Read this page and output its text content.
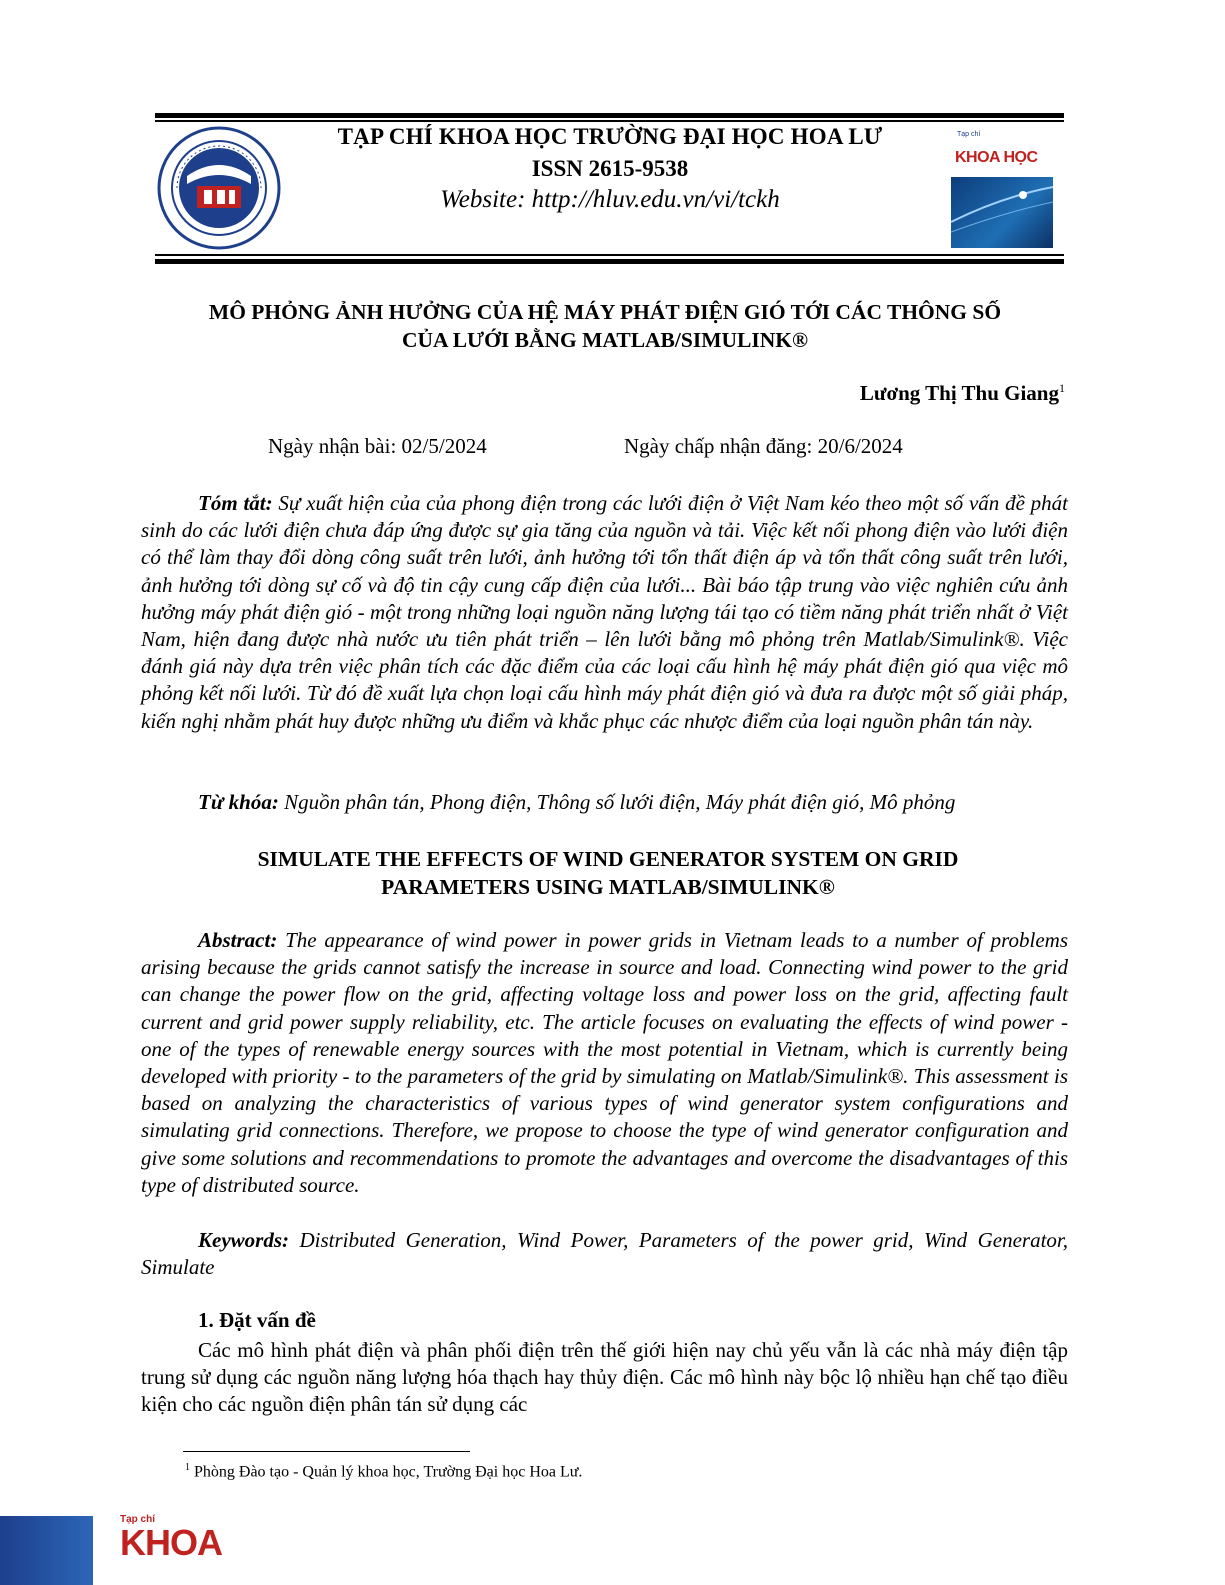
TẠP CHÍ KHOA HỌC TRƯỜNG ĐẠI HỌC HOA LƯ
ISSN 2615-9538
Website: http://hluv.edu.vn/vi/tckh
Tạp chí
KHOA HỌC
MÔ PHỎNG ẢNH HƯỞNG CỦA HỆ MÁY PHÁT ĐIỆN GIÓ TỚI CÁC THÔNG SỐ
CỦA LƯỚI BẰNG MATLAB/SIMULINK®
Lương Thị Thu Giang$^1$
Ngày nhận bài: 02/5/2024	Ngày chấp nhận đăng: 20/6/2024
Tóm tắt: Sự xuất hiện của của phong điện trong các lưới điện ở Việt Nam kéo theo một số vấn đề phát sinh do các lưới điện chưa đáp ứng được sự gia tăng của nguồn và tải. Việc kết nối phong điện vào lưới điện có thể làm thay đổi dòng công suất trên lưới, ảnh hưởng tới tổn thất điện áp và tổn thất công suất trên lưới, ảnh hưởng tới dòng sự cố và độ tin cậy cung cấp điện của lưới... Bài báo tập trung vào việc nghiên cứu ảnh hưởng máy phát điện gió - một trong những loại nguồn năng lượng tái tạo có tiềm năng phát triển nhất ở Việt Nam, hiện đang được nhà nước ưu tiên phát triển – lên lưới bằng mô phỏng trên Matlab/Simulink®. Việc đánh giá này dựa trên việc phân tích các đặc điểm của các loại cấu hình hệ máy phát điện gió qua việc mô phỏng kết nối lưới. Từ đó đề xuất lựa chọn loại cấu hình máy phát điện gió và đưa ra được một số giải pháp, kiến nghị nhằm phát huy được những ưu điểm và khắc phục các nhược điểm của loại nguồn phân tán này.
Từ khóa: Nguồn phân tán, Phong điện, Thông số lưới điện, Máy phát điện gió, Mô phỏng
SIMULATE THE EFFECTS OF WIND GENERATOR SYSTEM ON GRID
PARAMETERS USING MATLAB/SIMULINK®
Abstract: The appearance of wind power in power grids in Vietnam leads to a number of problems arising because the grids cannot satisfy the increase in source and load. Connecting wind power to the grid can change the power flow on the grid, affecting voltage loss and power loss on the grid, affecting fault current and grid power supply reliability, etc. The article focuses on evaluating the effects of wind power - one of the types of renewable energy sources with the most potential in Vietnam, which is currently being developed with priority - to the parameters of the grid by simulating on Matlab/Simulink®. This assessment is based on analyzing the characteristics of various types of wind generator system configurations and simulating grid connections. Therefore, we propose to choose the type of wind generator configuration and give some solutions and recommendations to promote the advantages and overcome the disadvantages of this type of distributed source.
Keywords: Distributed Generation, Wind Power, Parameters of the power grid, Wind Generator, Simulate
1. Đặt vấn đề
Các mô hình phát điện và phân phối điện trên thế giới hiện nay chủ yếu vẫn là các nhà máy điện tập trung sử dụng các nguồn năng lượng hóa thạch hay thủy điện. Các mô hình này bộc lộ nhiều hạn chế tạo điều kiện cho các nguồn điện phân tán sử dụng các
$^1$ Phòng Đào tạo - Quản lý khoa học, Trường Đại học Hoa Lư.
Tạp chí
KHOA
